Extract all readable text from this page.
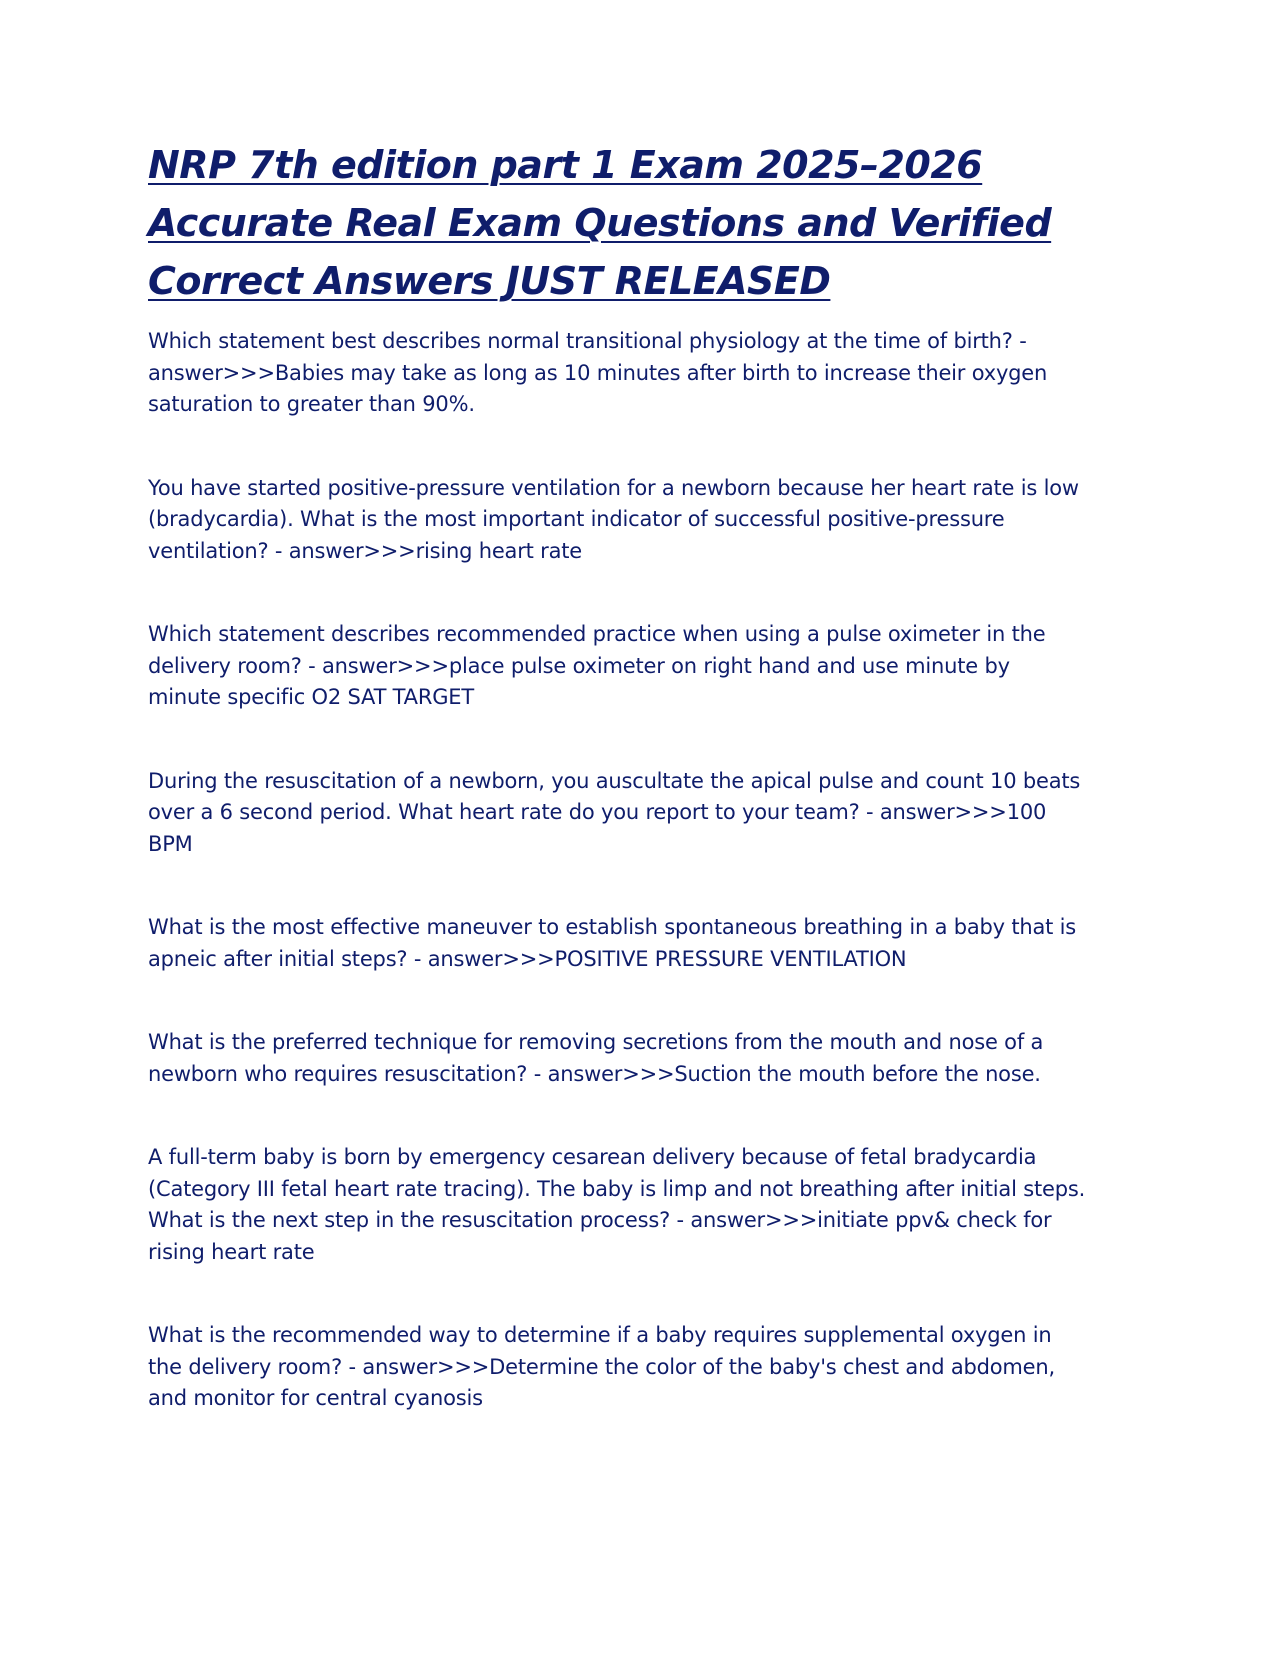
NRP 7th edition part 1 Exam 2025–2026 Accurate Real Exam Questions and Verified Correct Answers JUST RELEASED
Which statement best describes normal transitional physiology at the time of birth? - answer>>>Babies may take as long as 10 minutes after birth to increase their oxygen saturation to greater than 90%.
You have started positive-pressure ventilation for a newborn because her heart rate is low (bradycardia). What is the most important indicator of successful positive-pressure ventilation? - answer>>>rising heart rate
Which statement describes recommended practice when using a pulse oximeter in the delivery room? - answer>>>place pulse oximeter on right hand and use minute by minute specific O2 SAT TARGET
During the resuscitation of a newborn, you auscultate the apical pulse and count 10 beats over a 6 second period. What heart rate do you report to your team? - answer>>>100 BPM
What is the most effective maneuver to establish spontaneous breathing in a baby that is apneic after initial steps? - answer>>>POSITIVE PRESSURE VENTILATION
What is the preferred technique for removing secretions from the mouth and nose of a newborn who requires resuscitation? - answer>>>Suction the mouth before the nose.
A full-term baby is born by emergency cesarean delivery because of fetal bradycardia (Category III fetal heart rate tracing). The baby is limp and not breathing after initial steps. What is the next step in the resuscitation process? - answer>>>initiate ppv& check for rising heart rate
What is the recommended way to determine if a baby requires supplemental oxygen in the delivery room? - answer>>>Determine the color of the baby's chest and abdomen, and monitor for central cyanosis
